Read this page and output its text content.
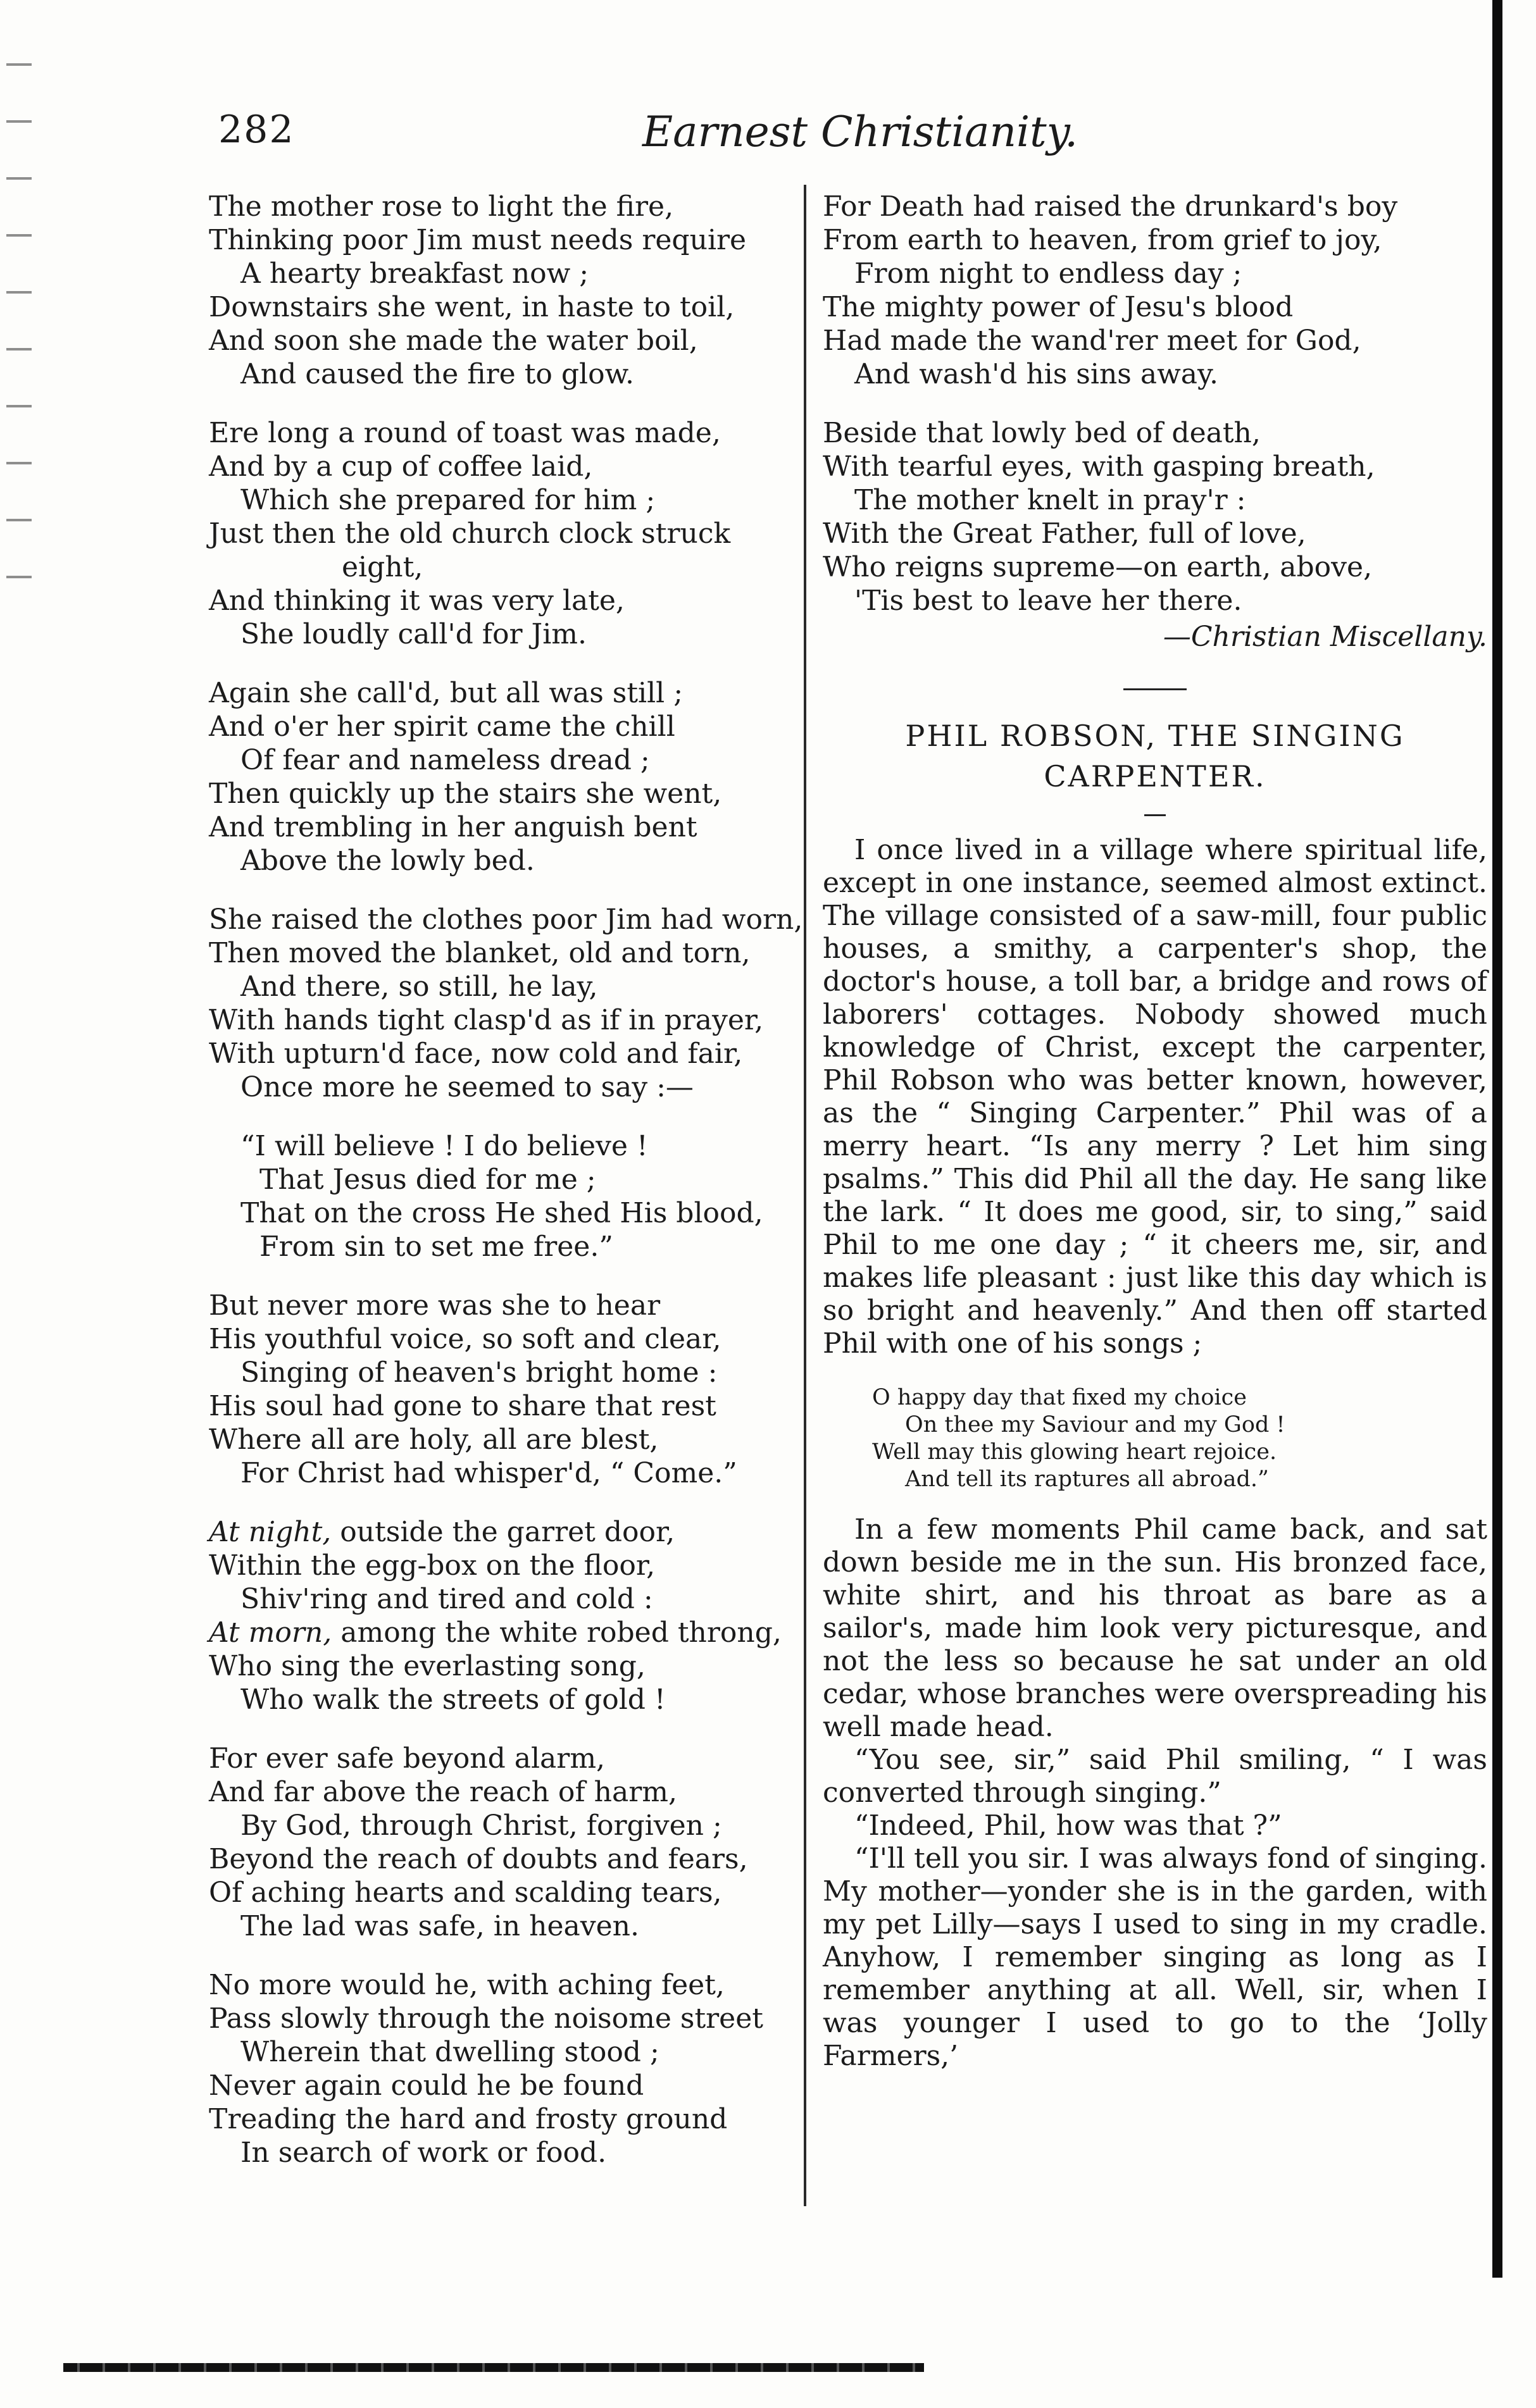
282	Earnest Christianity.
The mother rose to light the fire,
Thinking poor Jim must needs require
A hearty breakfast now ;
Downstairs she went, in haste to toil,
And soon she made the water boil,
And caused the fire to glow.
Ere long a round of toast was made,
And by a cup of coffee laid,
Which she prepared for him ;
Just then the old church clock struck
eight,
And thinking it was very late,
She loudly call'd for Jim.
Again she call'd, but all was still ;
And o'er her spirit came the chill
Of fear and nameless dread ;
Then quickly up the stairs she went,
And trembling in her anguish bent
Above the lowly bed.
She raised the clothes poor Jim had worn,
Then moved the blanket, old and torn,
And there, so still, he lay,
With hands tight clasp'd as if in prayer,
With upturn'd face, now cold and fair,
Once more he seemed to say :—
“I will believe ! I do believe !
That Jesus died for me ;
That on the cross He shed His blood,
From sin to set me free.”
But never more was she to hear
His youthful voice, so soft and clear,
Singing of heaven's bright home :
His soul had gone to share that rest
Where all are holy, all are blest,
For Christ had whisper'd, “ Come.”
At night, outside the garret door,
Within the egg-box on the floor,
Shiv'ring and tired and cold :
At morn, among the white robed throng,
Who sing the everlasting song,
Who walk the streets of gold !
For ever safe beyond alarm,
And far above the reach of harm,
By God, through Christ, forgiven ;
Beyond the reach of doubts and fears,
Of aching hearts and scalding tears,
The lad was safe, in heaven.
No more would he, with aching feet,
Pass slowly through the noisome street
Wherein that dwelling stood ;
Never again could he be found
Treading the hard and frosty ground
In search of work or food.
For Death had raised the drunkard's boy
From earth to heaven, from grief to joy,
From night to endless day ;
The mighty power of Jesu's blood
Had made the wand'rer meet for God,
And wash'd his sins away.
Beside that lowly bed of death,
With tearful eyes, with gasping breath,
The mother knelt in pray'r :
With the Great Father, full of love,
Who reigns supreme—on earth, above,
'Tis best to leave her there.
—Christian Miscellany.
PHIL ROBSON, THE SINGING
CARPENTER.

I once lived in a village where spiritual life, except in one instance, seemed almost extinct. The village consisted of a saw-mill, four public houses, a smithy, a carpenter's shop, the doctor's house, a toll bar, a bridge and rows of laborers' cottages. Nobody showed much knowledge of Christ, except the carpenter, Phil Robson who was better known, however, as the “ Singing Carpenter.” Phil was of a merry heart. “Is any merry ? Let him sing psalms.” This did Phil all the day. He sang like the lark. “ It does me good, sir, to sing,” said Phil to me one day ; “ it cheers me, sir, and makes life pleasant : just like this day which is so bright and heavenly.” And then off started Phil with one of his songs ;

O happy day that fixed my choice
On thee my Saviour and my God !
Well may this glowing heart rejoice.
And tell its raptures all abroad.”

In a few moments Phil came back, and sat down beside me in the sun. His bronzed face, white shirt, and his throat as bare as a sailor's, made him look very picturesque, and not the less so because he sat under an old cedar, whose branches were overspreading his well made head.

“You see, sir,” said Phil smiling, “ I was converted through singing.”

“Indeed, Phil, how was that ?”

“I'll tell you sir. I was always fond of singing. My mother—yonder she is in the garden, with my pet Lilly—says I used to sing in my cradle. Anyhow, I remember singing as long as I remember anything at all. Well, sir, when I was younger I used to go to the ‘Jolly Farmers,’
